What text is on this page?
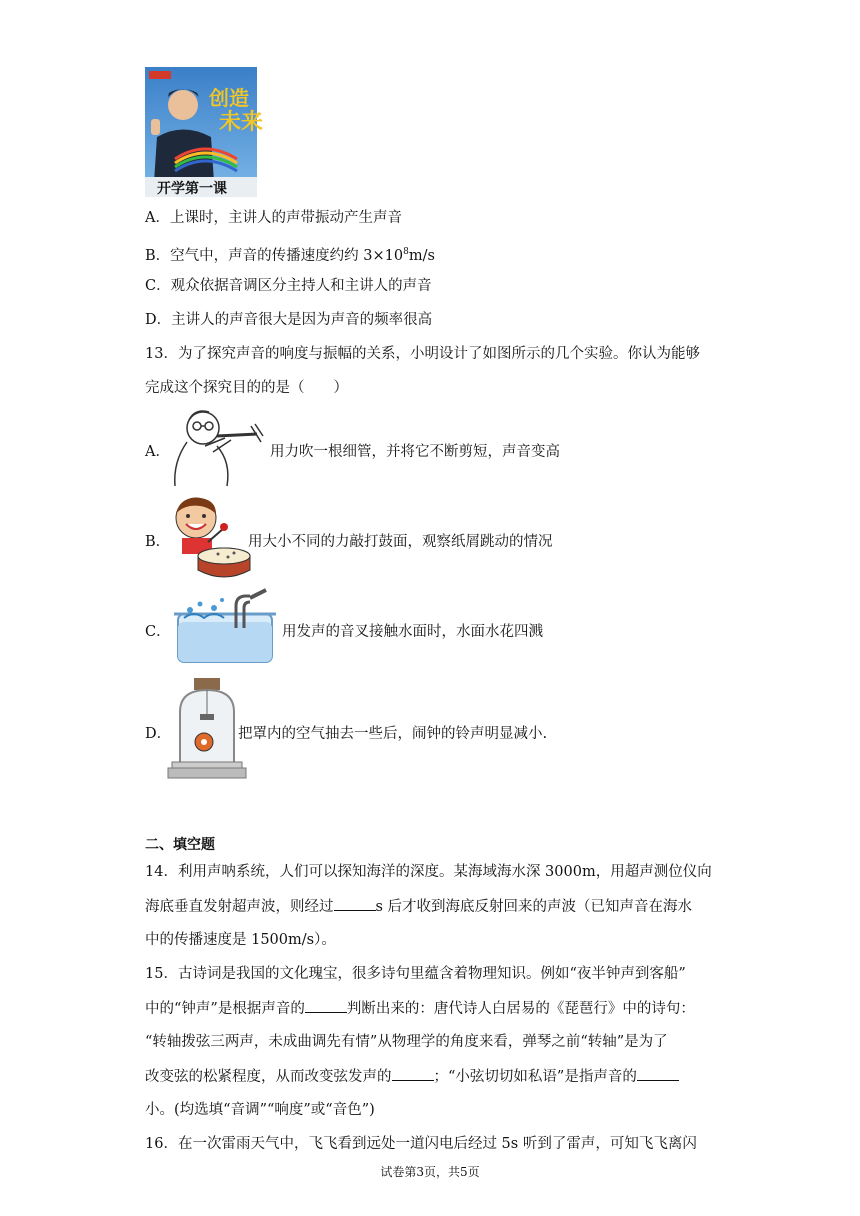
创造
未来
开学第一课
A．上课时，主讲人的声带振动产生声音
B．空气中，声音的传播速度约约 $3\times 10^8m/s$
C．观众依据音调区分主持人和主讲人的声音
D．主讲人的声音很大是因为声音的频率很高
13．为了探究声音的响度与振幅的关系，小明设计了如图所示的几个实验。你认为能够
完成这个探究目的的是（　　）
A．	用力吹一根细管，并将它不断剪短，声音变高
B．	用大小不同的力敲打鼓面，观察纸屑跳动的情况
C．	用发声的音叉接触水面时，水面水花四溅
D．	把罩内的空气抽去一些后，闹钟的铃声明显减小.
二、填空题
14．利用声呐系统，人们可以探知海洋的深度。某海域海水深 3000m，用超声测位仪向
海底垂直发射超声波，则经过	s 后才收到海底反射回来的声波（已知声音在海水
中的传播速度是 1500m/s）。
15．古诗词是我国的文化瑰宝，很多诗句里蕴含着物理知识。例如“夜半钟声到客船”
中的“钟声”是根据声音的	判断出来的：唐代诗人白居易的《琵琶行》中的诗句：
“转轴拨弦三两声，未成曲调先有情”从物理学的角度来看，弹琴之前“转轴”是为了
改变弦的松紧程度，从而改变弦发声的	；“小弦切切如私语”是指声音的
小。(均选填“音调”“响度”或“音色”)
16．在一次雷雨天气中，飞飞看到远处一道闪电后经过 5s 听到了雷声，可知飞飞离闪
试卷第3页，共5页
